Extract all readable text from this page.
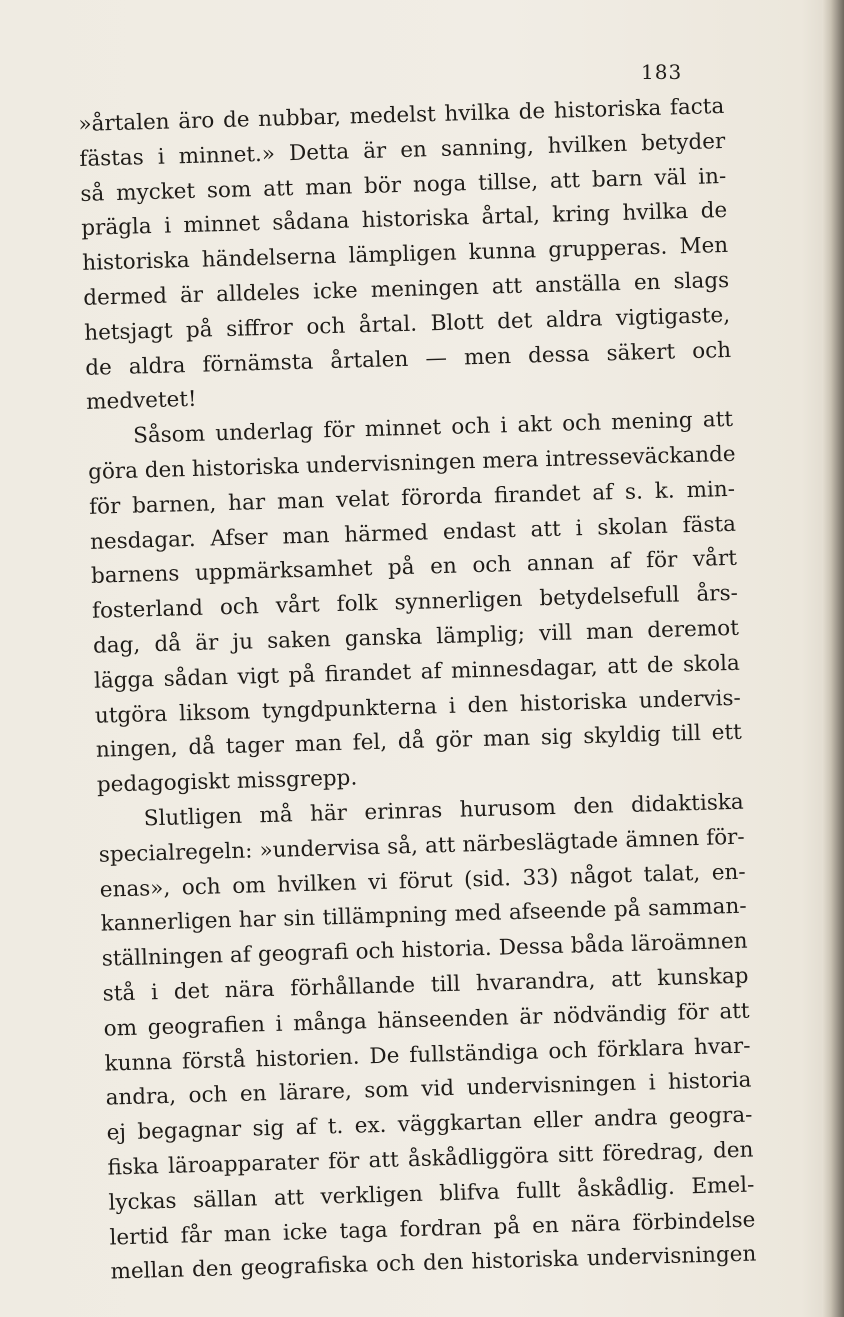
183
»årtalen äro de nubbar, medelst hvilka de historiska facta
fästas i minnet.» Detta är en sanning, hvilken betyder
så mycket som att man bör noga tillse, att barn väl in-
prägla i minnet sådana historiska årtal, kring hvilka de
historiska händelserna lämpligen kunna grupperas. Men
dermed är alldeles icke meningen att anställa en slags
hetsjagt på siffror och årtal. Blott det aldra vigtigaste,
de aldra förnämsta årtalen — men dessa säkert och
medvetet!
Såsom underlag för minnet och i akt och mening att
göra den historiska undervisningen mera intresseväckande
för barnen, har man velat förorda firandet af s. k. min-
nesdagar. Afser man härmed endast att i skolan fästa
barnens uppmärksamhet på en och annan af för vårt
fosterland och vårt folk synnerligen betydelsefull års-
dag, då är ju saken ganska lämplig; vill man deremot
lägga sådan vigt på firandet af minnesdagar, att de skola
utgöra liksom tyngdpunkterna i den historiska undervis-
ningen, då tager man fel, då gör man sig skyldig till ett
pedagogiskt missgrepp.
Slutligen må här erinras hurusom den didaktiska
specialregeln: »undervisa så, att närbeslägtade ämnen för-
enas», och om hvilken vi förut (sid. 33) något talat, en-
kannerligen har sin tillämpning med afseende på samman-
ställningen af geografi och historia. Dessa båda läroämnen
stå i det nära förhållande till hvarandra, att kunskap
om geografien i många hänseenden är nödvändig för att
kunna förstå historien. De fullständiga och förklara hvar-
andra, och en lärare, som vid undervisningen i historia
ej begagnar sig af t. ex. väggkartan eller andra geogra-
fiska läroapparater för att åskådliggöra sitt föredrag, den
lyckas sällan att verkligen blifva fullt åskådlig. Emel-
lertid får man icke taga fordran på en nära förbindelse
mellan den geografiska och den historiska undervisningen
